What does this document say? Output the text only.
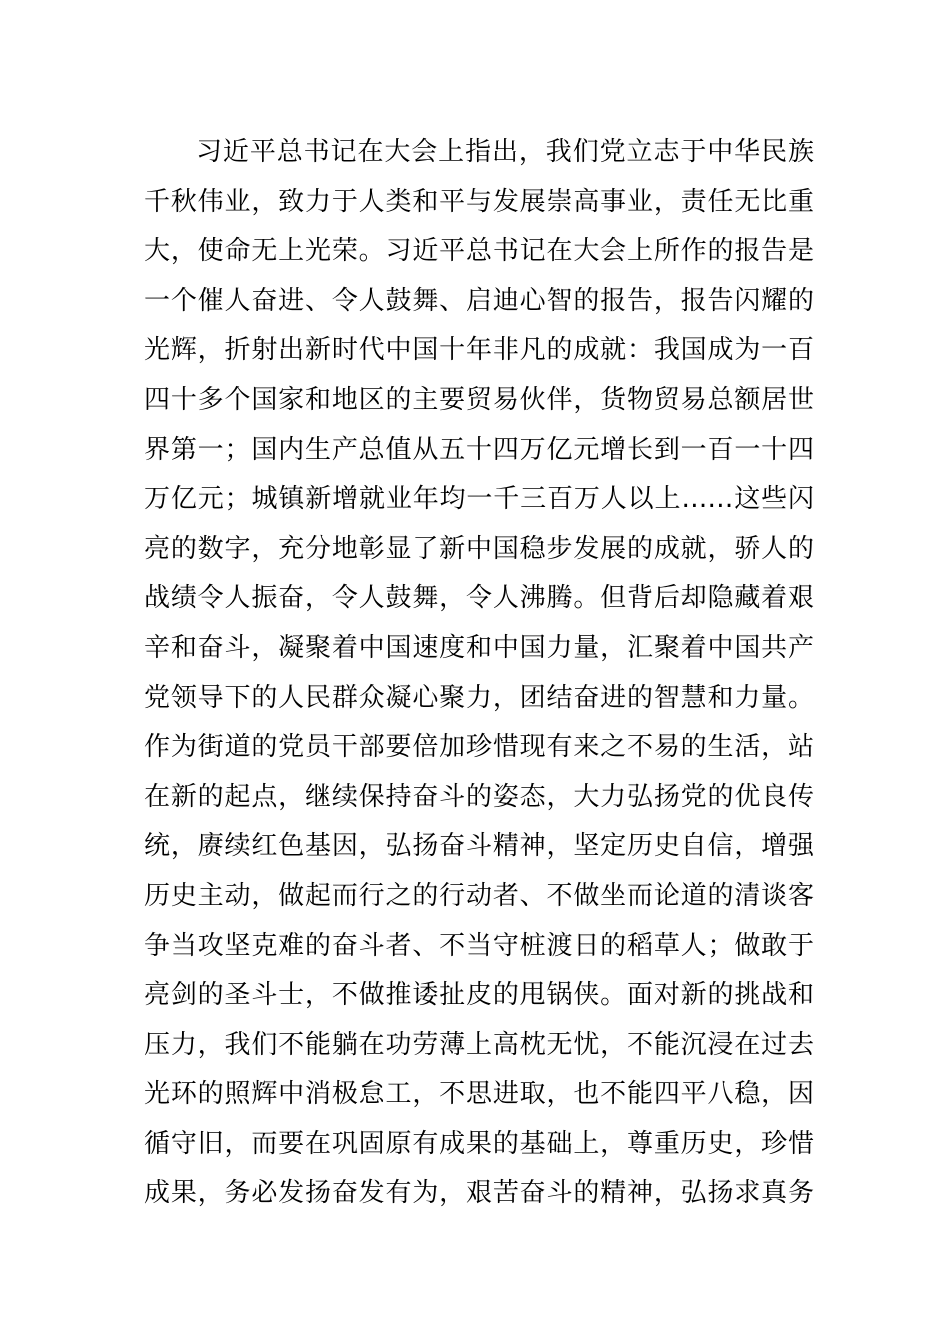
习近平总书记在大会上指出，我们党立志于中华民族
千秋伟业，致力于人类和平与发展崇高事业，责任无比重
大，使命无上光荣。习近平总书记在大会上所作的报告是
一个催人奋进、令人鼓舞、启迪心智的报告，报告闪耀的
光辉，折射出新时代中国十年非凡的成就：我国成为一百
四十多个国家和地区的主要贸易伙伴，货物贸易总额居世
界第一；国内生产总值从五十四万亿元增长到一百一十四
万亿元；城镇新增就业年均一千三百万人以上……这些闪
亮的数字，充分地彰显了新中国稳步发展的成就，骄人的
战绩令人振奋，令人鼓舞，令人沸腾。但背后却隐藏着艰
辛和奋斗，凝聚着中国速度和中国力量，汇聚着中国共产
党领导下的人民群众凝心聚力，团结奋进的智慧和力量。
作为街道的党员干部要倍加珍惜现有来之不易的生活，站
在新的起点，继续保持奋斗的姿态，大力弘扬党的优良传
统，赓续红色基因，弘扬奋斗精神，坚定历史自信，增强
历史主动，做起而行之的行动者、不做坐而论道的清谈客
争当攻坚克难的奋斗者、不当守桩渡日的稻草人；做敢于
亮剑的圣斗士，不做推诿扯皮的甩锅侠。面对新的挑战和
压力，我们不能躺在功劳薄上高枕无忧，不能沉浸在过去
光环的照辉中消极怠工，不思进取，也不能四平八稳，因
循守旧，而要在巩固原有成果的基础上，尊重历史，珍惜
成果，务必发扬奋发有为，艰苦奋斗的精神，弘扬求真务
